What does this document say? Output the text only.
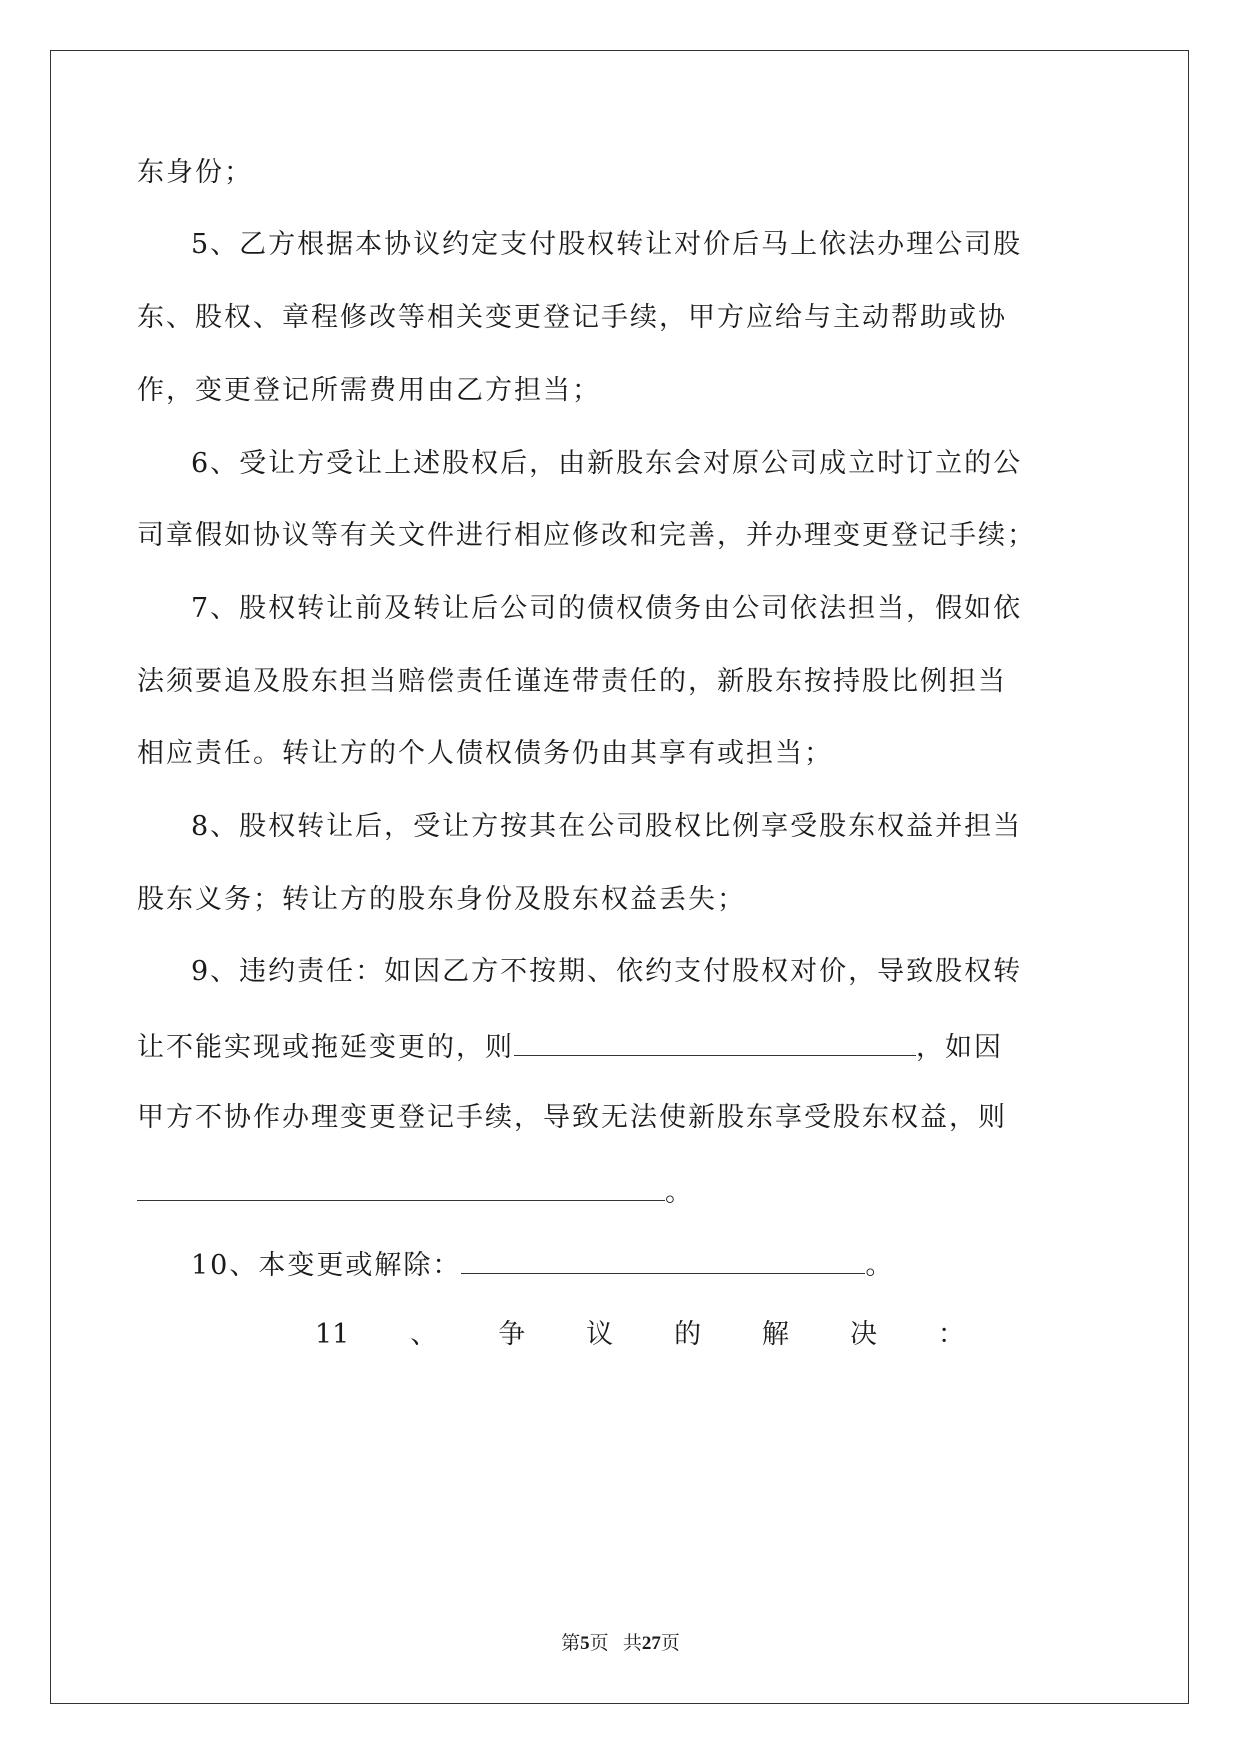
东身份；
5、乙方根据本协议约定支付股权转让对价后马上依法办理公司股
东、股权、章程修改等相关变更登记手续，甲方应给与主动帮助或协
作，变更登记所需费用由乙方担当；
6、受让方受让上述股权后，由新股东会对原公司成立时订立的公
司章假如协议等有关文件进行相应修改和完善，并办理变更登记手续；
7、股权转让前及转让后公司的债权债务由公司依法担当，假如依
法须要追及股东担当赔偿责任谨连带责任的，新股东按持股比例担当
相应责任。转让方的个人债权债务仍由其享有或担当；
8、股权转让后，受让方按其在公司股权比例享受股东权益并担当
股东义务；转让方的股东身份及股东权益丢失；
9、违约责任：如因乙方不按期、依约支付股权对价，导致股权转
让不能实现或拖延变更的，则	，如因
甲方不协作办理变更登记手续，导致无法使新股东享受股东权益，则
。
10、本变更或解除：	。
11 、 争 议 的 解 决 ：
第5页   共27页
